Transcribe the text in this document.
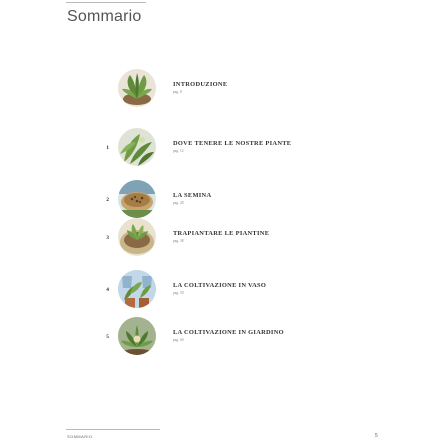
Sommario
INTRODUZIONE
pag. 8
1
DOVE TENERE LE NOSTRE PIANTE
pag. 12
2
LA SEMINA
pag. 28
3
TRAPIANTARE LE PIANTINE
pag. 38
4
LA COLTIVAZIONE IN VASO
pag. 50
5
LA COLTIVAZIONE IN GIARDINO
pag. 60
SOMMARIO	5
